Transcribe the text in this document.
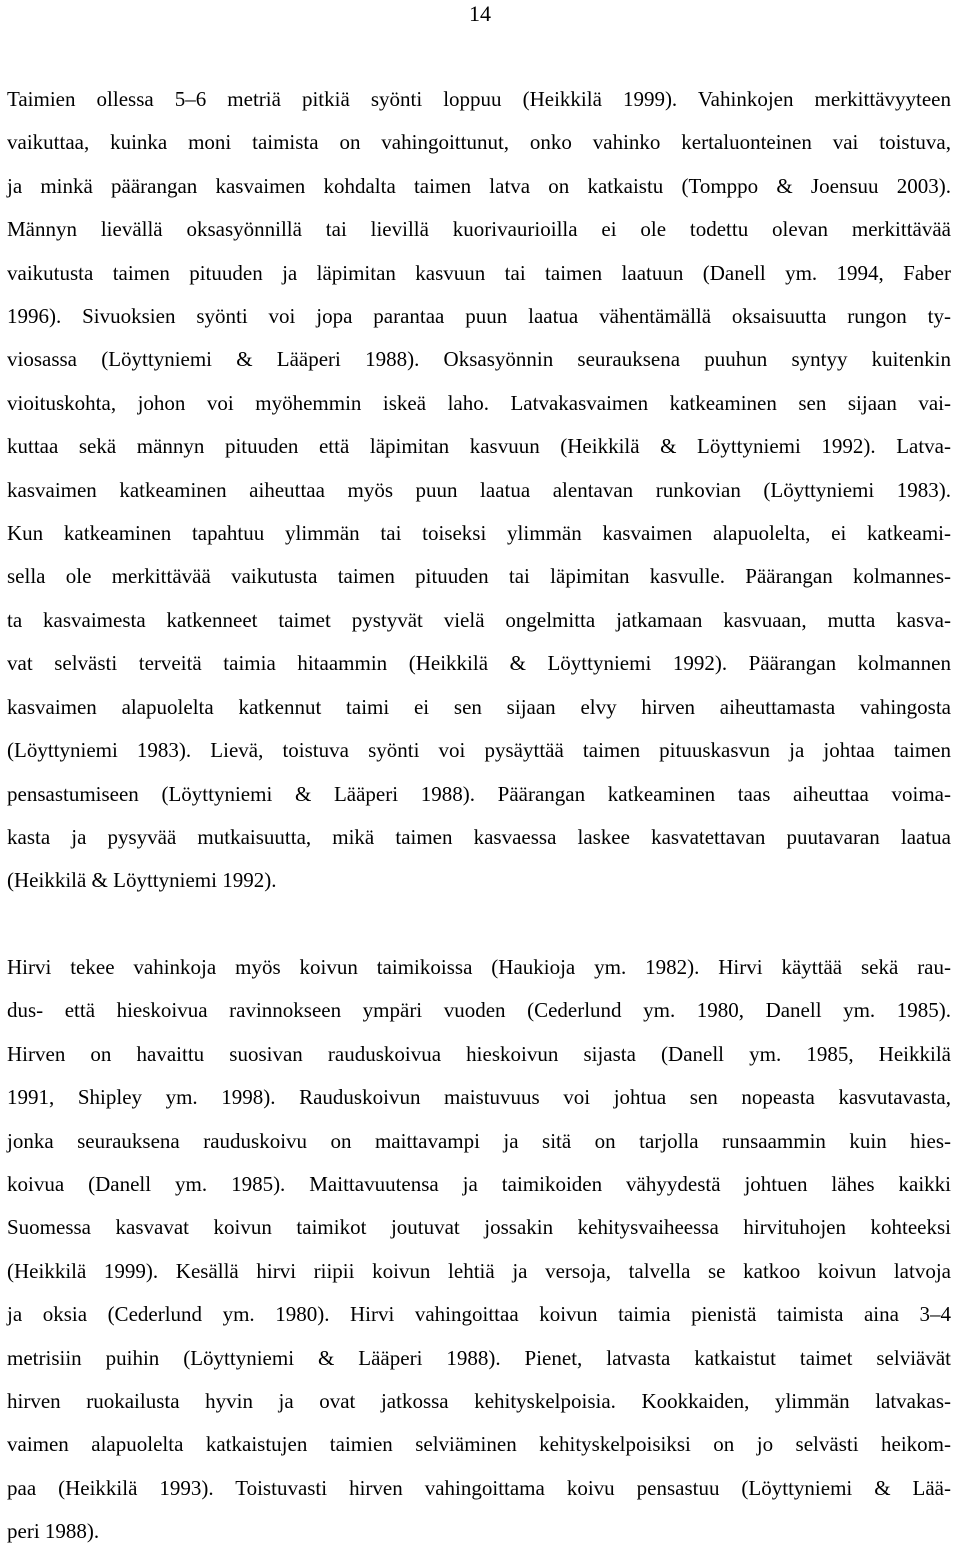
14
Taimien ollessa 5–6 metriä pitkiä syönti loppuu (Heikkilä 1999). Vahinkojen merkittävyyteen
vaikuttaa, kuinka moni taimista on vahingoittunut, onko vahinko kertaluonteinen vai toistuva,
ja minkä päärangan kasvaimen kohdalta taimen latva on katkaistu (Tomppo & Joensuu 2003).
Männyn lievällä oksasyönnillä tai lievillä kuorivaurioilla ei ole todettu olevan merkittävää
vaikutusta taimen pituuden ja läpimitan kasvuun tai taimen laatuun (Danell ym. 1994, Faber
1996). Sivuoksien syönti voi jopa parantaa puun laatua vähentämällä oksaisuutta rungon ty-
viosassa (Löyttyniemi & Lääperi 1988). Oksasyönnin seurauksena puuhun syntyy kuitenkin
vioituskohta, johon voi myöhemmin iskeä laho. Latvakasvaimen katkeaminen sen sijaan vai-
kuttaa sekä männyn pituuden että läpimitan kasvuun (Heikkilä & Löyttyniemi 1992). Latva-
kasvaimen katkeaminen aiheuttaa myös puun laatua alentavan runkovian (Löyttyniemi 1983).
Kun katkeaminen tapahtuu ylimmän tai toiseksi ylimmän kasvaimen alapuolelta, ei katkeami-
sella ole merkittävää vaikutusta taimen pituuden tai läpimitan kasvulle. Päärangan kolmannes-
ta kasvaimesta katkenneet taimet pystyvät vielä ongelmitta jatkamaan kasvuaan, mutta kasva-
vat selvästi terveitä taimia hitaammin (Heikkilä & Löyttyniemi 1992). Päärangan kolmannen
kasvaimen alapuolelta katkennut taimi ei sen sijaan elvy hirven aiheuttamasta vahingosta
(Löyttyniemi 1983). Lievä, toistuva syönti voi pysäyttää taimen pituuskasvun ja johtaa taimen
pensastumiseen (Löyttyniemi & Lääperi 1988). Päärangan katkeaminen taas aiheuttaa voima-
kasta ja pysyvää mutkaisuutta, mikä taimen kasvaessa laskee kasvatettavan puutavaran laatua
(Heikkilä & Löyttyniemi 1992).
Hirvi tekee vahinkoja myös koivun taimikoissa (Haukioja ym. 1982). Hirvi käyttää sekä rau-
dus- että hieskoivua ravinnokseen ympäri vuoden (Cederlund ym. 1980, Danell ym. 1985).
Hirven on havaittu suosivan rauduskoivua hieskoivun sijasta (Danell ym. 1985, Heikkilä
1991, Shipley ym. 1998). Rauduskoivun maistuvuus voi johtua sen nopeasta kasvutavasta,
jonka seurauksena rauduskoivu on maittavampi ja sitä on tarjolla runsaammin kuin hies-
koivua (Danell ym. 1985). Maittavuutensa ja taimikoiden vähyydestä johtuen lähes kaikki
Suomessa kasvavat koivun taimikot joutuvat jossakin kehitysvaiheessa hirvituhojen kohteeksi
(Heikkilä 1999). Kesällä hirvi riipii koivun lehtiä ja versoja, talvella se katkoo koivun latvoja
ja oksia (Cederlund ym. 1980). Hirvi vahingoittaa koivun taimia pienistä taimista aina 3–4
metrisiin puihin (Löyttyniemi & Lääperi 1988). Pienet, latvasta katkaistut taimet selviävät
hirven ruokailusta hyvin ja ovat jatkossa kehityskelpoisia. Kookkaiden, ylimmän latvakas-
vaimen alapuolelta katkaistujen taimien selviäminen kehityskelpoisiksi on jo selvästi heikom-
paa (Heikkilä 1993). Toistuvasti hirven vahingoittama koivu pensastuu (Löyttyniemi & Lää-
peri 1988).
